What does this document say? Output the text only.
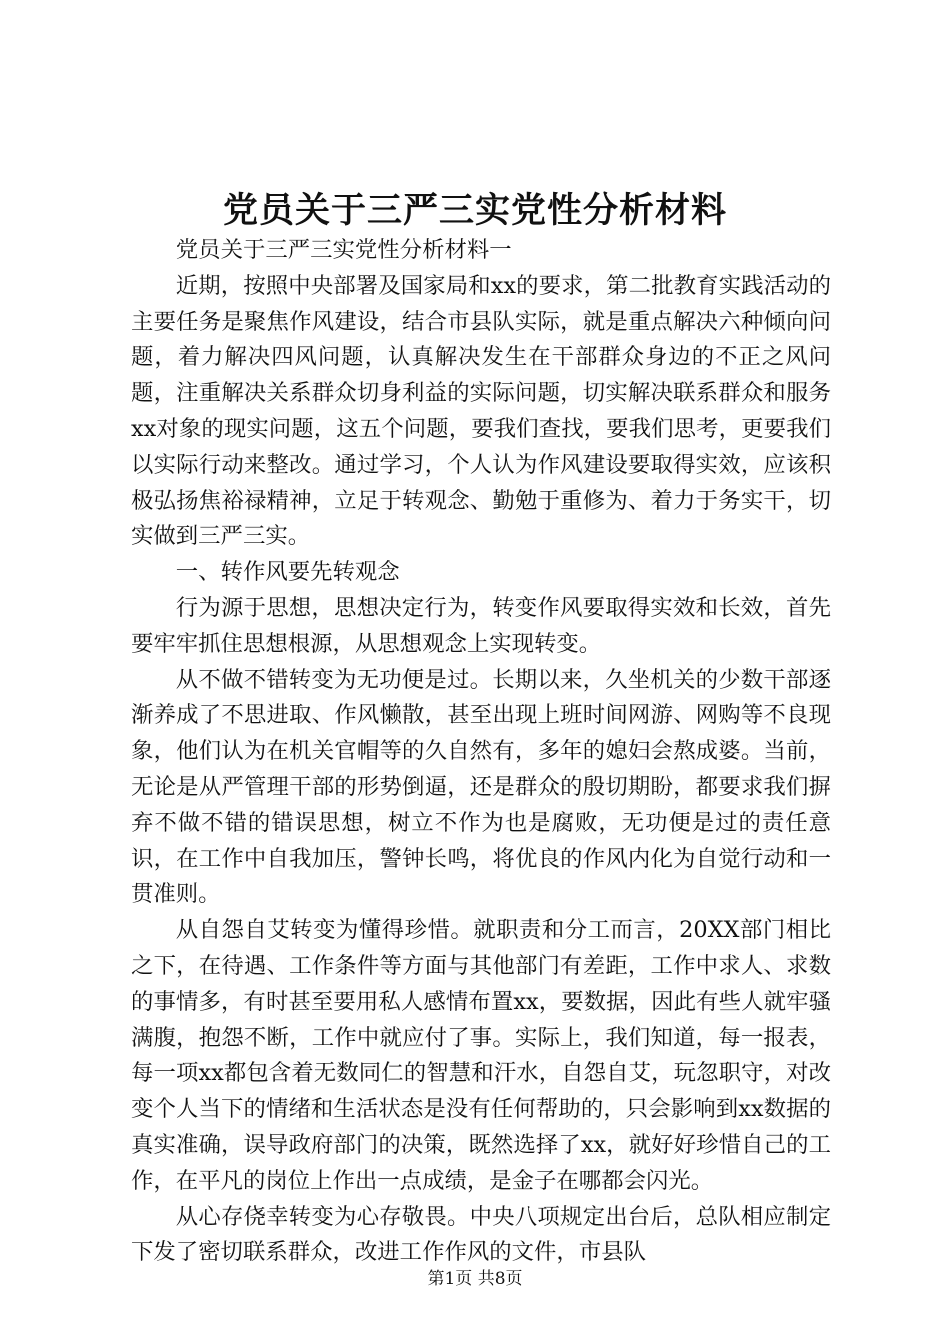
党员关于三严三实党性分析材料

党员关于三严三实党性分析材料一

近期，按照中央部署及国家局和xx的要求，第二批教育实践活动的主要任务是聚焦作风建设，结合市县队实际，就是重点解决六种倾向问题，着力解决四风问题，认真解决发生在干部群众身边的不正之风问题，注重解决关系群众切身利益的实际问题，切实解决联系群众和服务xx对象的现实问题，这五个问题，要我们查找，要我们思考，更要我们以实际行动来整改。通过学习，个人认为作风建设要取得实效，应该积极弘扬焦裕禄精神，立足于转观念、勤勉于重修为、着力于务实干，切实做到三严三实。

一、转作风要先转观念

行为源于思想，思想决定行为，转变作风要取得实效和长效，首先要牢牢抓住思想根源，从思想观念上实现转变。

从不做不错转变为无功便是过。长期以来，久坐机关的少数干部逐渐养成了不思进取、作风懒散，甚至出现上班时间网游、网购等不良现象，他们认为在机关官帽等的久自然有，多年的媳妇会熬成婆。当前，无论是从严管理干部的形势倒逼，还是群众的殷切期盼，都要求我们摒弃不做不错的错误思想，树立不作为也是腐败，无功便是过的责任意识，在工作中自我加压，警钟长鸣，将优良的作风内化为自觉行动和一贯准则。

从自怨自艾转变为懂得珍惜。就职责和分工而言，20XX部门相比之下，在待遇、工作条件等方面与其他部门有差距，工作中求人、求数的事情多，有时甚至要用私人感情布置xx，要数据，因此有些人就牢骚满腹，抱怨不断，工作中就应付了事。实际上，我们知道，每一报表，每一项xx都包含着无数同仁的智慧和汗水，自怨自艾，玩忽职守，对改变个人当下的情绪和生活状态是没有任何帮助的，只会影响到xx数据的真实准确，误导政府部门的决策，既然选择了xx，就好好珍惜自己的工作，在平凡的岗位上作出一点成绩，是金子在哪都会闪光。

从心存侥幸转变为心存敬畏。中央八项规定出台后，总队相应制定下发了密切联系群众，改进工作作风的文件，市县队

第1页 共8页
